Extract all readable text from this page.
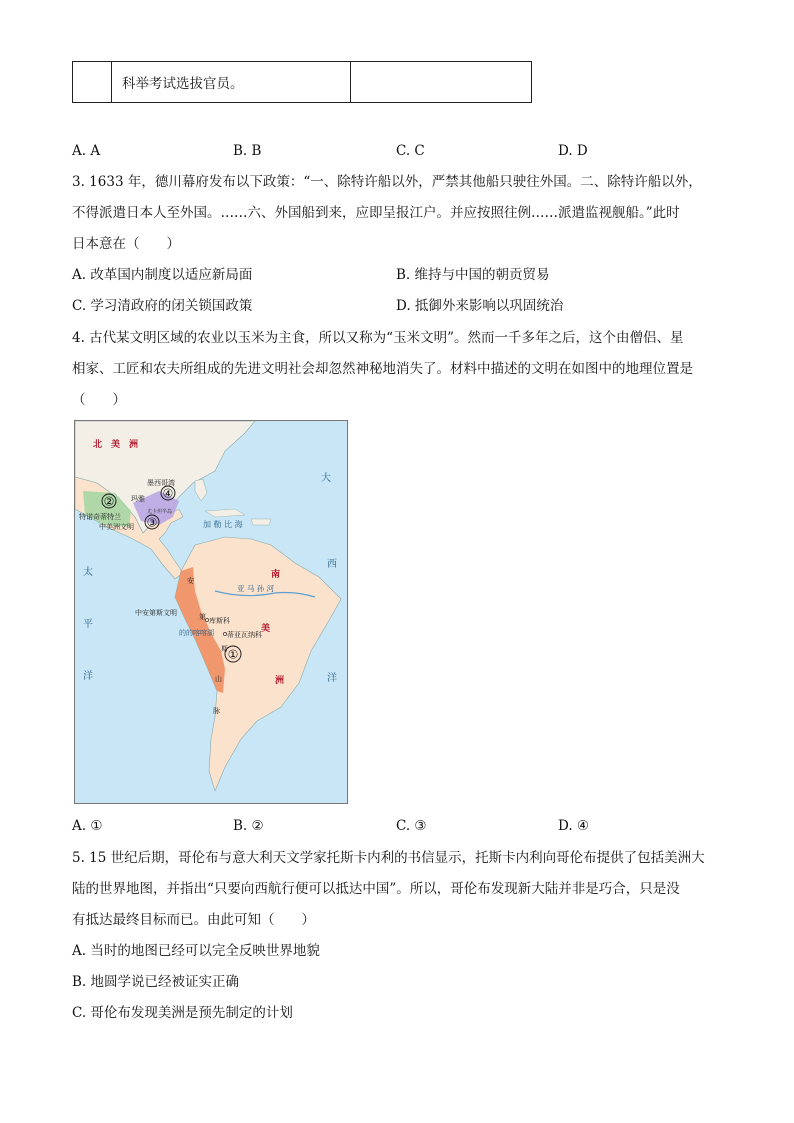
	科举考试选拔官员。	
A. A	B. B	C. C	D. D
3. 1633 年，德川幕府发布以下政策：“一、除特许船以外，严禁其他船只驶往外国。二、除特许船以外，
不得派遣日本人至外国。……六、外国船到来，应即呈报江户。并应按照往例……派遣监视舰船。”此时
日本意在（　　）
A. 改革国内制度以适应新局面	B. 维持与中国的朝贡贸易
C. 学习清政府的闭关锁国政策	D. 抵御外来影响以巩固统治
4. 古代某文明区域的农业以玉米为主食，所以又称为“玉米文明”。然而一千多年之后，这个由僧侣、星
相家、工匠和农夫所组成的先进文明社会却忽然神秘地消失了。材料中描述的文明在如图中的地理位置是
（　　）
北　美　洲
大
西
洋
太
平
洋
墨西哥湾
玛雅
尤卡坦半岛
特诺奇蒂特兰
中美洲文明	加 勒 比 海
中安第斯文明
库斯科
蒂亚瓦纳科
的的喀喀湖
亚 马 孙 河
南
美
洲
安
第
斯
山
脉
①
②
③
④
A. ①	B. ②	C. ③	D. ④
5. 15 世纪后期，哥伦布与意大利天文学家托斯卡内利的书信显示，托斯卡内利向哥伦布提供了包括美洲大
陆的世界地图，并指出“只要向西航行便可以抵达中国”。所以，哥伦布发现新大陆并非是巧合，只是没
有抵达最终目标而已。由此可知（　　）
A. 当时的地图已经可以完全反映世界地貌
B. 地圆学说已经被证实正确
C. 哥伦布发现美洲是预先制定的计划
